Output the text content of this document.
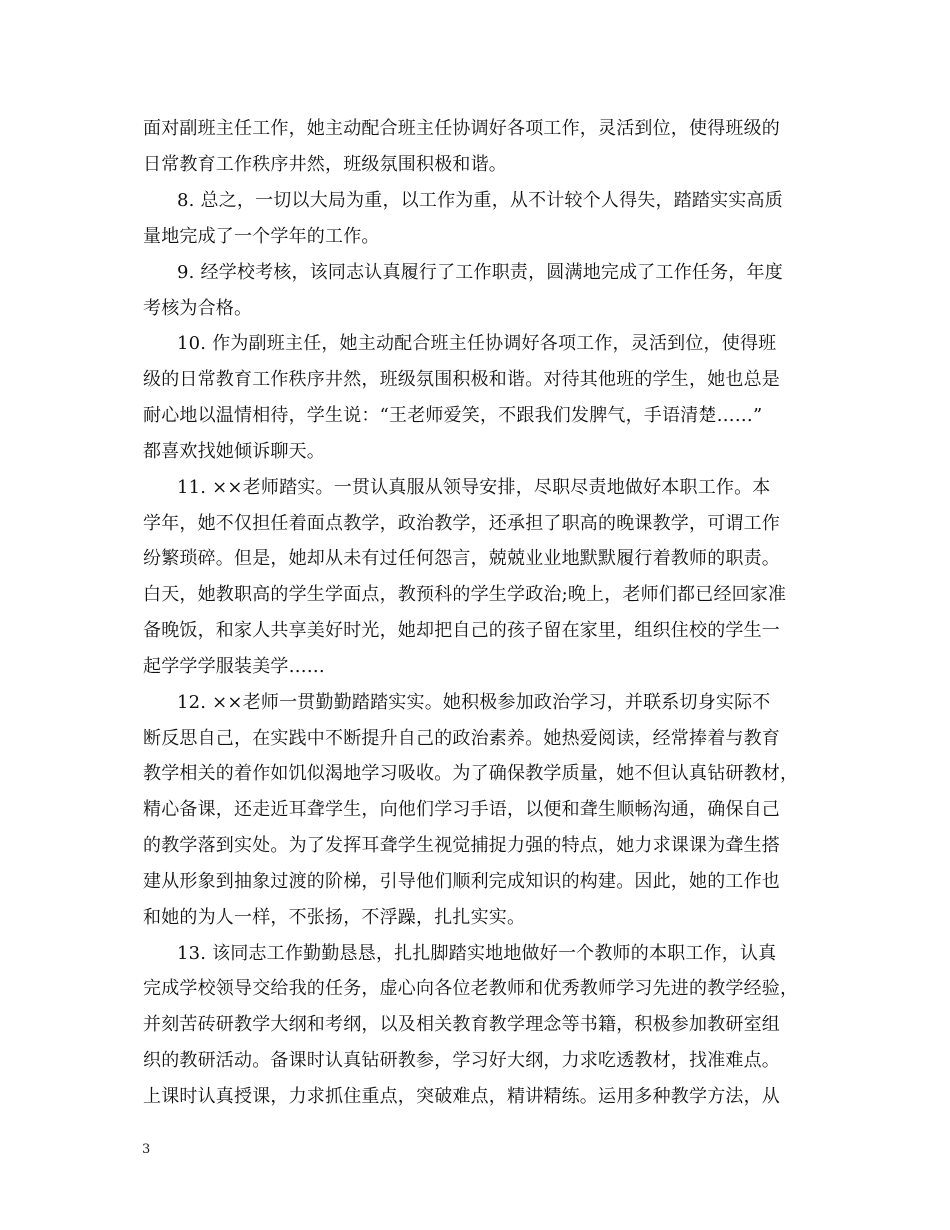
面对副班主任工作，她主动配合班主任协调好各项工作，灵活到位，使得班级的
日常教育工作秩序井然，班级氛围积极和谐。
8. 总之，一切以大局为重，以工作为重，从不计较个人得失，踏踏实实高质
量地完成了一个学年的工作。
9. 经学校考核，该同志认真履行了工作职责，圆满地完成了工作任务，年度
考核为合格。
10. 作为副班主任，她主动配合班主任协调好各项工作，灵活到位，使得班
级的日常教育工作秩序井然，班级氛围积极和谐。对待其他班的学生，她也总是
耐心地以温情相待，学生说：“王老师爱笑，不跟我们发脾气，手语清楚……”
都喜欢找她倾诉聊天。
11. ××老师踏实。一贯认真服从领导安排，尽职尽责地做好本职工作。本
学年，她不仅担任着面点教学，政治教学，还承担了职高的晚课教学，可谓工作
纷繁琐碎。但是，她却从未有过任何怨言，兢兢业业地默默履行着教师的职责。
白天，她教职高的学生学面点，教预科的学生学政治;晚上，老师们都已经回家准
备晚饭，和家人共享美好时光，她却把自己的孩子留在家里，组织住校的学生一
起学学学服装美学……
12. ××老师一贯勤勤踏踏实实。她积极参加政治学习，并联系切身实际不
断反思自己，在实践中不断提升自己的政治素养。她热爱阅读，经常捧着与教育
教学相关的着作如饥似渴地学习吸收。为了确保教学质量，她不但认真钻研教材，
精心备课，还走近耳聋学生，向他们学习手语，以便和聋生顺畅沟通，确保自己
的教学落到实处。为了发挥耳聋学生视觉捕捉力强的特点，她力求课课为聋生搭
建从形象到抽象过渡的阶梯，引导他们顺利完成知识的构建。因此，她的工作也
和她的为人一样，不张扬，不浮躁，扎扎实实。
13. 该同志工作勤勤恳恳，扎扎脚踏实地地做好一个教师的本职工作，认真
完成学校领导交给我的任务，虚心向各位老教师和优秀教师学习先进的教学经验，
并刻苦砖研教学大纲和考纲，以及相关教育教学理念等书籍，积极参加教研室组
织的教研活动。备课时认真钻研教参，学习好大纲，力求吃透教材，找准难点。
上课时认真授课，力求抓住重点，突破难点，精讲精练。运用多种教学方法，从
3
